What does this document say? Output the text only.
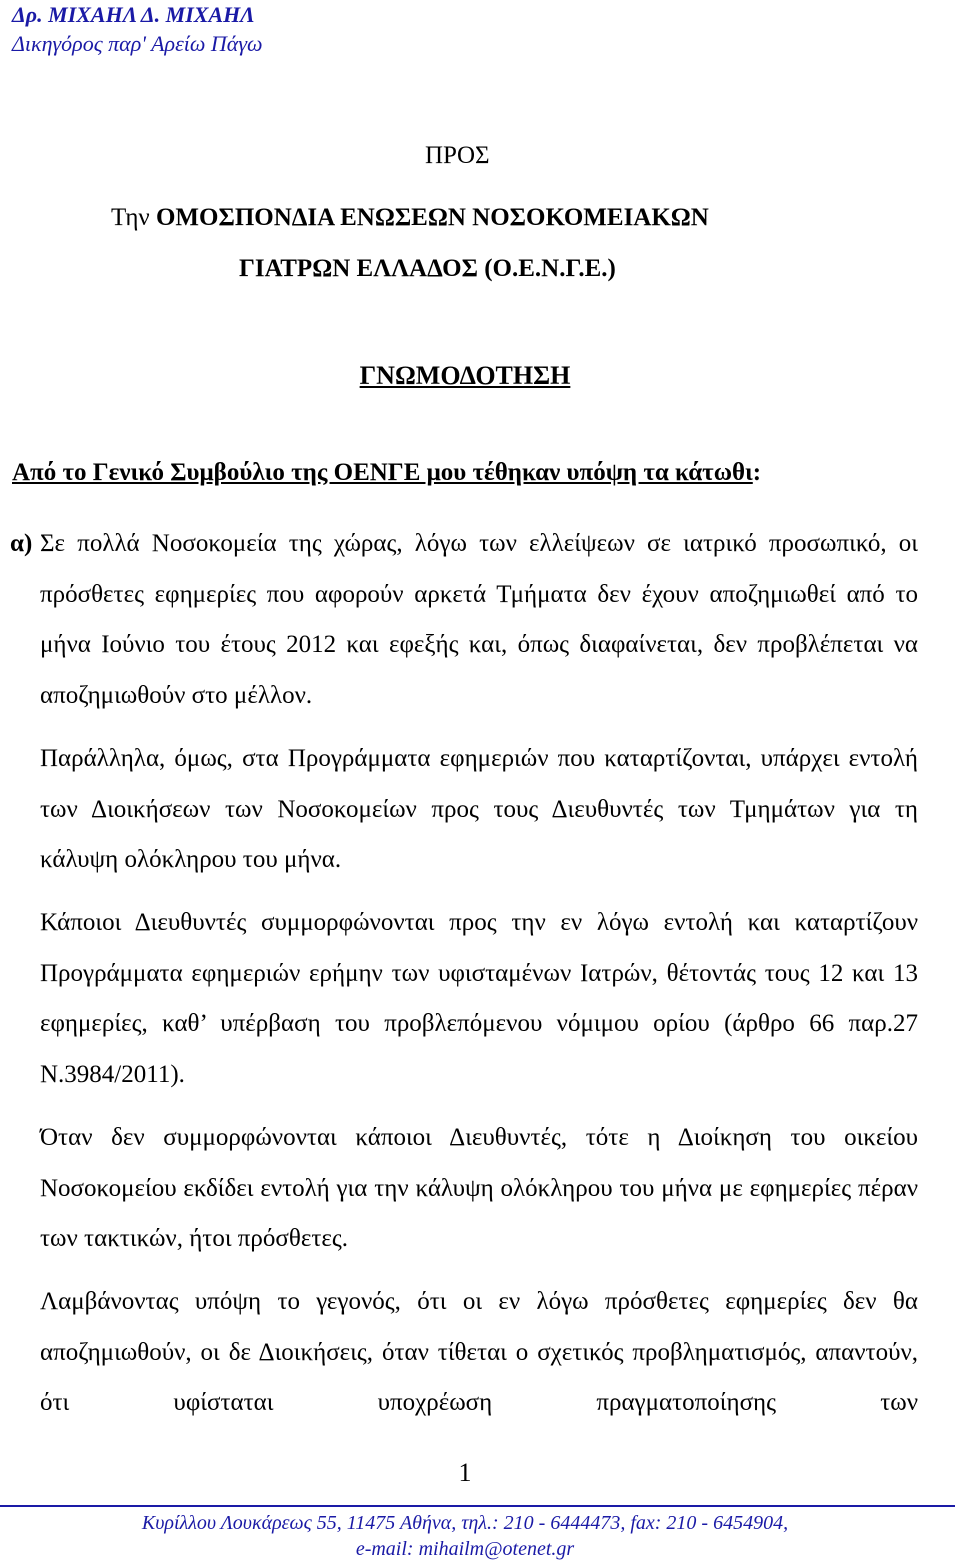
Δρ. ΜΙΧΑΗΛ Δ. ΜΙΧΑΗΛ
Δικηγόρος παρ' Αρείω Πάγω
ΠΡΟΣ
Την ΟΜΟΣΠΟΝΔΙΑ ΕΝΩΣΕΩΝ ΝΟΣΟΚΟΜΕΙΑΚΩΝ
ΓΙΑΤΡΩΝ ΕΛΛΑΔΟΣ (Ο.Ε.Ν.Γ.Ε.)
ΓΝΩΜΟΔΟΤΗΣΗ
Από το Γενικό Συμβούλιο της ΟΕΝΓΕ μου τέθηκαν υπόψη τα κάτωθι:

α) Σε πολλά Νοσοκομεία της χώρας, λόγω των ελλείψεων σε ιατρικό προσωπικό, οι πρόσθετες εφημερίες που αφορούν αρκετά Τμήματα δεν έχουν αποζημιωθεί από το μήνα Ιούνιο του έτους 2012 και εφεξής και, όπως διαφαίνεται, δεν προβλέπεται να αποζημιωθούν στο μέλλον.

Παράλληλα, όμως, στα Προγράμματα εφημεριών που καταρτίζονται, υπάρχει εντολή των Διοικήσεων των Νοσοκομείων προς τους Διευθυντές των Τμημάτων για τη κάλυψη ολόκληρου του μήνα.

Κάποιοι Διευθυντές συμμορφώνονται προς την εν λόγω εντολή και καταρτίζουν Προγράμματα εφημεριών ερήμην των υφισταμένων Ιατρών, θέτοντάς τους 12 και 13 εφημερίες, καθ’ υπέρβαση του προβλεπόμενου νόμιμου ορίου (άρθρο 66 παρ.27 Ν.3984/2011).

Όταν δεν συμμορφώνονται κάποιοι Διευθυντές, τότε η Διοίκηση του οικείου Νοσοκομείου εκδίδει εντολή για την κάλυψη ολόκληρου του μήνα με εφημερίες πέραν των τακτικών, ήτοι πρόσθετες.

Λαμβάνοντας υπόψη το γεγονός, ότι οι εν λόγω πρόσθετες εφημερίες δεν θα αποζημιωθούν, οι δε Διοικήσεις, όταν τίθεται ο σχετικός προβληματισμός, απαντούν, ότι υφίσταται υποχρέωση πραγματοποίησης των

1
Κυρίλλου Λουκάρεως 55, 11475 Αθήνα, τηλ.: 210 - 6444473, fax: 210 - 6454904,
e-mail: mihailm@otenet.gr
